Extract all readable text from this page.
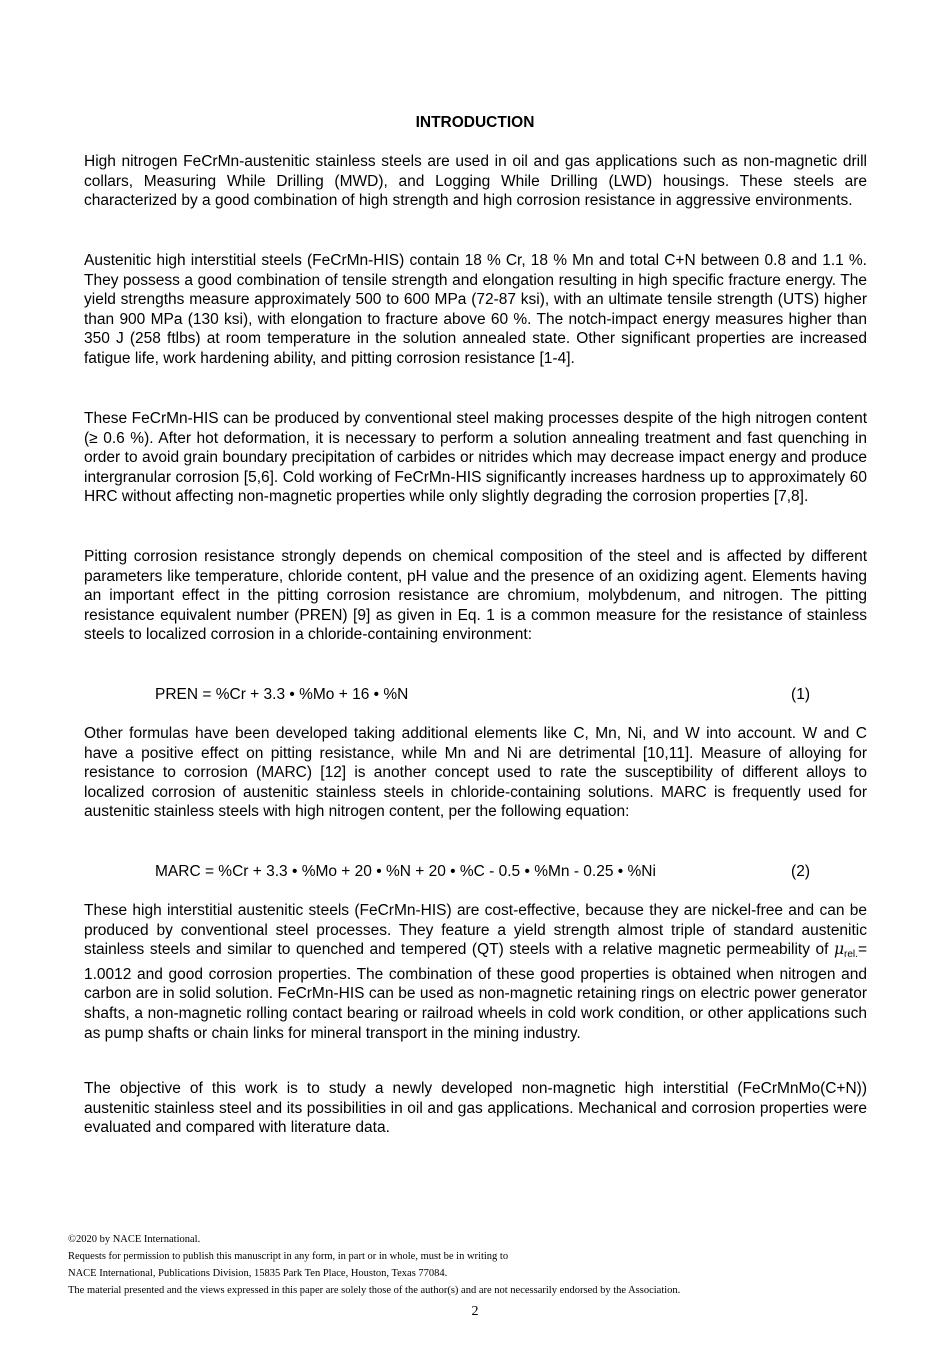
INTRODUCTION

High nitrogen FeCrMn-austenitic stainless steels are used in oil and gas applications such as non-magnetic drill collars, Measuring While Drilling (MWD), and Logging While Drilling (LWD) housings. These steels are characterized by a good combination of high strength and high corrosion resistance in aggressive environments.

Austenitic high interstitial steels (FeCrMn-HIS) contain 18 % Cr, 18 % Mn and total C+N between 0.8 and 1.1 %. They possess a good combination of tensile strength and elongation resulting in high specific fracture energy. The yield strengths measure approximately 500 to 600 MPa (72-87 ksi), with an ultimate tensile strength (UTS) higher than 900 MPa (130 ksi), with elongation to fracture above 60 %. The notch-impact energy measures higher than 350 J (258 ftlbs) at room temperature in the solution annealed state. Other significant properties are increased fatigue life, work hardening ability, and pitting corrosion resistance [1-4].

These FeCrMn-HIS can be produced by conventional steel making processes despite of the high nitrogen content (≥ 0.6 %). After hot deformation, it is necessary to perform a solution annealing treatment and fast quenching in order to avoid grain boundary precipitation of carbides or nitrides which may decrease impact energy and produce intergranular corrosion [5,6]. Cold working of FeCrMn-HIS significantly increases hardness up to approximately 60 HRC without affecting non-magnetic properties while only slightly degrading the corrosion properties [7,8].

Pitting corrosion resistance strongly depends on chemical composition of the steel and is affected by different parameters like temperature, chloride content, pH value and the presence of an oxidizing agent. Elements having an important effect in the pitting corrosion resistance are chromium, molybdenum, and nitrogen. The pitting resistance equivalent number (PREN) [9] as given in Eq. 1 is a common measure for the resistance of stainless steels to localized corrosion in a chloride-containing environment:

PREN = %Cr + 3.3 • %Mo + 16 • %N	(1)

Other formulas have been developed taking additional elements like C, Mn, Ni, and W into account. W and C have a positive effect on pitting resistance, while Mn and Ni are detrimental [10,11]. Measure of alloying for resistance to corrosion (MARC) [12] is another concept used to rate the susceptibility of different alloys to localized corrosion of austenitic stainless steels in chloride-containing solutions. MARC is frequently used for austenitic stainless steels with high nitrogen content, per the following equation:

MARC = %Cr + 3.3 • %Mo + 20 • %N + 20 • %C - 0.5 • %Mn - 0.25 • %Ni	(2)

These high interstitial austenitic steels (FeCrMn-HIS) are cost-effective, because they are nickel-free and can be produced by conventional steel processes. They feature a yield strength almost triple of standard austenitic stainless steels and similar to quenched and tempered (QT) steels with a relative magnetic permeability of $\mu_{rel.}= 1.0012$ and good corrosion properties. The combination of these good properties is obtained when nitrogen and carbon are in solid solution. FeCrMn-HIS can be used as non-magnetic retaining rings on electric power generator shafts, a non-magnetic rolling contact bearing or railroad wheels in cold work condition, or other applications such as pump shafts or chain links for mineral transport in the mining industry.

The objective of this work is to study a newly developed non-magnetic high interstitial (FeCrMnMo(C+N)) austenitic stainless steel and its possibilities in oil and gas applications. Mechanical and corrosion properties were evaluated and compared with literature data.

©2020 by NACE International.

Requests for permission to publish this manuscript in any form, in part or in whole, must be in writing to

NACE International, Publications Division, 15835 Park Ten Place, Houston, Texas 77084.

The material presented and the views expressed in this paper are solely those of the author(s) and are not necessarily endorsed by the Association.

2
